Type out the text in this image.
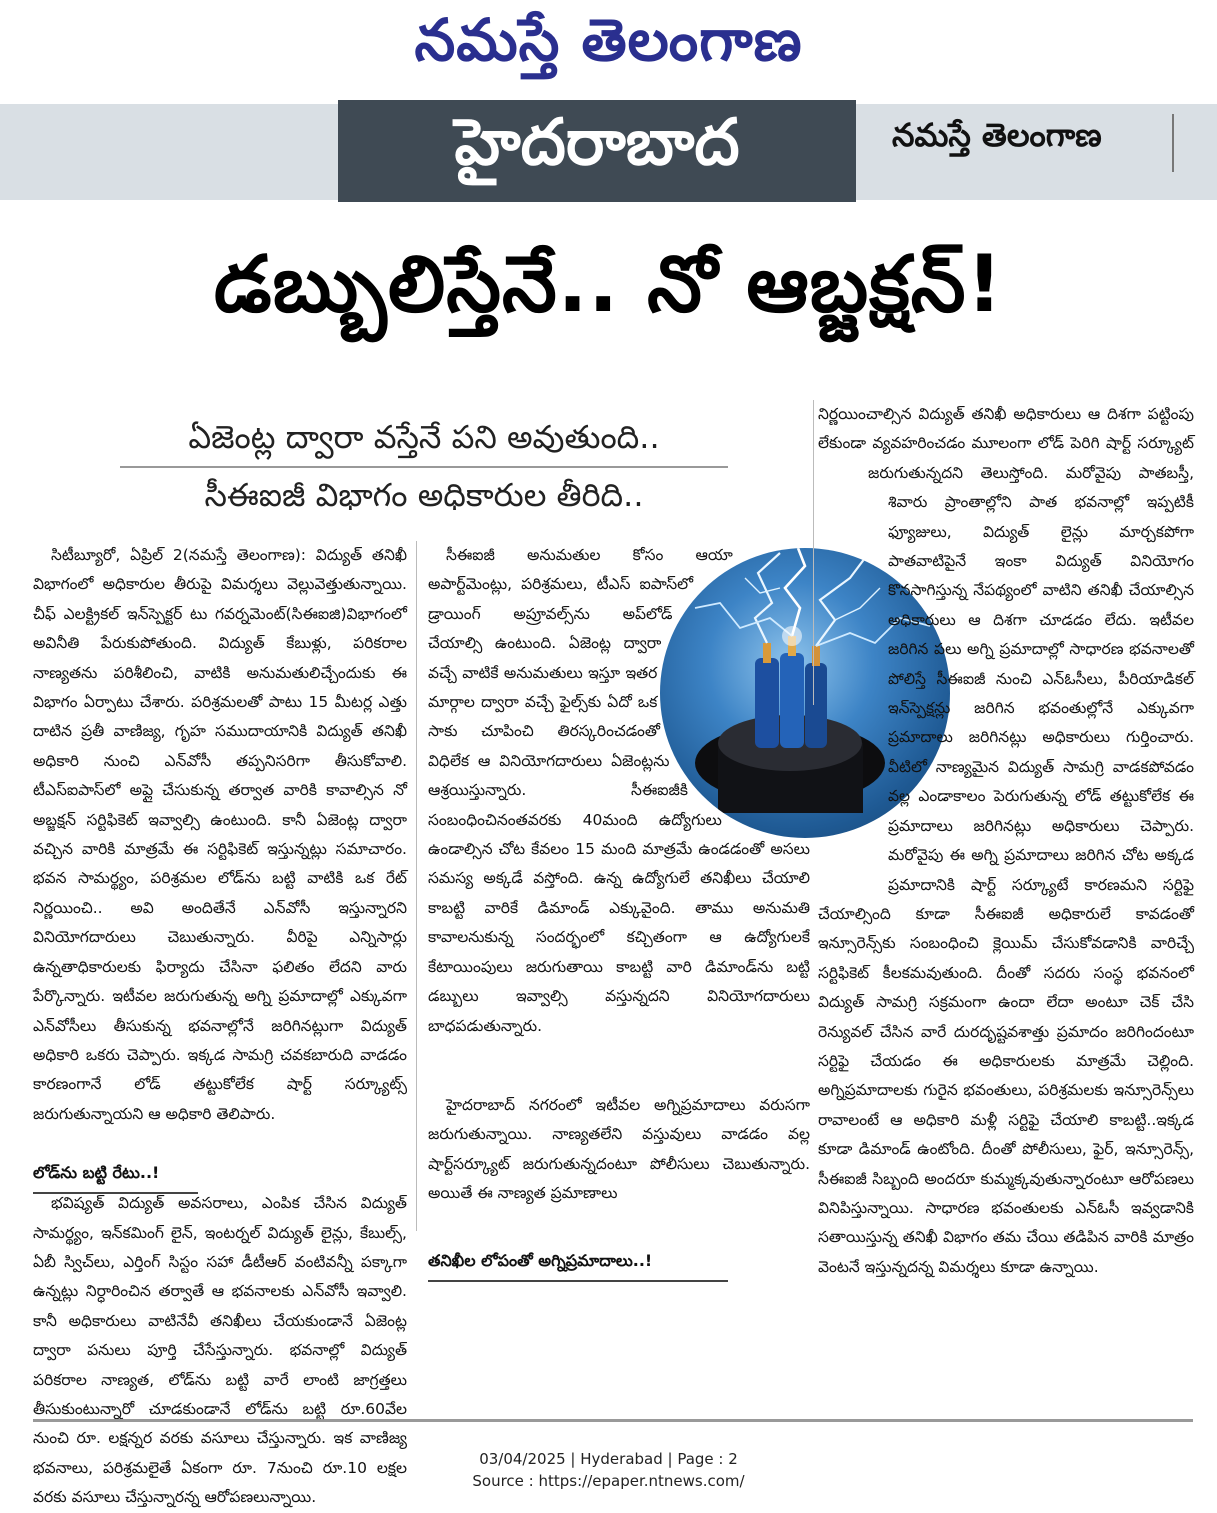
నమస్తే తెలంగాణ
హైదరాబాద	నమస్తే తెలంగాణ
డబ్బులిస్తేనే.. నో ఆబ్జక్షన్!
ఏజెంట్ల ద్వారా వస్తేనే పని అవుతుంది..
సీఈఐజీ విభాగం అధికారుల తీరిది..

సిటీబ్యూరో, ఏప్రిల్ 2(నమస్తే తెలంగాణ): విద్యుత్ తనిఖీ విభాగంలో అధికారుల తీరుపై విమర్శలు వెల్లువెత్తుతున్నాయి. చీఫ్ ఎలక్ట్రికల్ ఇన్‌స్పెక్టర్ టు గవర్నమెంట్(సిఈఐజి)విభాగంలో అవినీతి పేరుకుపోతుంది. విద్యుత్ కేబుళ్లు, పరికరాల నాణ్యతను పరిశీలించి, వాటికి అనుమతులిచ్చేందుకు ఈ విభాగం ఏర్పాటు చేశారు. పరిశ్రమలతో పాటు 15 మీటర్ల ఎత్తు దాటిన ప్రతీ వాణిజ్య, గృహ సముదాయానికి విద్యుత్ తనిఖీ అధికారి నుంచి ఎన్‌వోసీ తప్పనిసరిగా తీసుకోవాలి. టీఎస్‌ఐపాస్‌లో అప్లై చేసుకున్న తర్వాత వారికి కావాల్సిన నో అబ్జక్షన్ సర్టిఫికెట్ ఇవ్వాల్సి ఉంటుంది. కానీ ఏజెంట్ల ద్వారా వచ్చిన వారికి మాత్రమే ఈ సర్టిఫికెట్ ఇస్తున్నట్లు సమాచారం. భవన సామర్థ్యం, పరిశ్రమల లోడ్‌ను బట్టి వాటికి ఒక రేట్ నిర్ణయించి.. అవి అందితేనే ఎన్‌వోసీ ఇస్తున్నారని వినియోగదారులు చెబుతున్నారు. వీరిపై ఎన్నిసార్లు ఉన్నతాధికారులకు ఫిర్యాదు చేసినా ఫలితం లేదని వారు పేర్కొన్నారు. ఇటీవల జరుగుతున్న అగ్ని ప్రమాదాల్లో ఎక్కువగా ఎన్‌వోసీలు తీసుకున్న భవనాల్లోనే జరిగినట్లుగా విద్యుత్ అధికారి ఒకరు చెప్పారు. ఇక్కడ సామగ్రి చవకబారుది వాడడం కారణంగానే లోడ్ తట్టుకోలేక షార్ట్ సర్క్యూట్స్ జరుగుతున్నాయని ఆ అధికారి తెలిపారు.

భవిష్యత్ విద్యుత్ అవసరాలు, ఎంపిక చేసిన విద్యుత్ సామర్థ్యం, ఇన్‌కమింగ్ లైన్, ఇంటర్నల్ విద్యుత్ లైన్లు, కేబుల్స్, ఏబీ స్విచ్‌లు, ఎర్తింగ్ సిస్టం సహా డీటీఆర్ వంటివన్నీ పక్కాగా ఉన్నట్లు నిర్ధారించిన తర్వాతే ఆ భవనాలకు ఎన్‌వోసీ ఇవ్వాలి. కానీ అధికారులు వాటినేవీ తనిఖీలు చేయకుండానే ఏజెంట్ల ద్వారా పనులు పూర్తి చేసేస్తున్నారు. భవనాల్లో విద్యుత్ పరికరాల నాణ్యత, లోడ్‌ను బట్టి వారే లాంటి జాగ్రత్తలు తీసుకుంటున్నారో చూడకుండానే లోడ్‌ను బట్టి రూ.60వేల నుంచి రూ. లక్షన్నర వరకు వసూలు చేస్తున్నారు. ఇక వాణిజ్య భవనాలు, పరిశ్రమలైతే ఏకంగా రూ. 7నుంచి రూ.10 లక్షల వరకు వసూలు చేస్తున్నారన్న ఆరోపణలున్నాయి.

లోడ్‌ను బట్టి రేటు..!

సీఈఐజీ అనుమతుల కోసం ఆయా అపార్ట్‌మెంట్లు, పరిశ్రమలు, టీఎస్ ఐపాస్‌లో డ్రాయింగ్ అప్రూవల్స్‌ను అప్‌లోడ్ చేయాల్సి ఉంటుంది. ఏజెంట్ల ద్వారా వచ్చే వాటికే అనుమతులు ఇస్తూ ఇతర మార్గాల ద్వారా వచ్చే ఫైల్స్‌కు ఏదో ఒక సాకు చూపించి తిరస్కరించడంతో విధిలేక ఆ వినియోగదారులు ఏజెంట్లను ఆశ్రయిస్తున్నారు. సీఈఐజీకి సంబంధించినంతవరకు 40మంది ఉద్యోగులు ఉండాల్సిన చోట కేవలం 15 మంది మాత్రమే ఉండడంతో అసలు సమస్య అక్కడే వస్తోంది. ఉన్న ఉద్యోగులే తనిఖీలు చేయాలి కాబట్టి వారికే డిమాండ్ ఎక్కువైంది. తాము అనుమతి కావాలనుకున్న సందర్భంలో కచ్చితంగా ఆ ఉద్యోగులకే కేటాయింపులు జరుగుతాయి కాబట్టి వారి డిమాండ్‌ను బట్టి డబ్బులు ఇవ్వాల్సి వస్తున్నదని వినియోగదారులు బాధపడుతున్నారు.

హైదరాబాద్ నగరంలో ఇటీవల అగ్నిప్రమాదాలు వరుసగా జరుగుతున్నాయి. నాణ్యతలేని వస్తువులు వాడడం వల్ల షార్ట్‌సర్క్యూట్ జరుగుతున్నదంటూ పోలీసులు చెబుతున్నారు. అయితే ఈ నాణ్యత ప్రమాణాలు

తనిఖీల లోపంతో అగ్నిప్రమాదాలు..!

నిర్ణయించాల్సిన విద్యుత్ తనిఖీ అధికారులు ఆ దిశగా పట్టింపు లేకుండా వ్యవహరించడం మూలంగా లోడ్ పెరిగి షార్ట్ సర్క్యూట్ జరుగుతున్నదని తెలుస్తోంది. మరోవైపు పాతబస్తీ, శివారు ప్రాంతాల్లోని పాత భవనాల్లో ఇప్పటికీ ఫ్యూజులు, విద్యుత్ లైన్లు మార్చకపోగా పాతవాటిపైనే ఇంకా విద్యుత్ వినియోగం కొనసాగిస్తున్న నేపథ్యంలో వాటిని తనిఖీ చేయాల్సిన అధికారులు ఆ దిశగా చూడడం లేదు. ఇటీవల జరిగిన పలు అగ్ని ప్రమాదాల్లో సాధారణ భవనాలతో పోలిస్తే సీఈఐజీ నుంచి ఎన్‌ఓసీలు, పీరియాడికల్ ఇన్‌స్పెక్షన్లు జరిగిన భవంతుల్లోనే ఎక్కువగా ప్రమాదాలు జరిగినట్లు అధికారులు గుర్తించారు. వీటిలో నాణ్యమైన విద్యుత్ సామగ్రి వాడకపోవడం వల్ల ఎండాకాలం పెరుగుతున్న లోడ్ తట్టుకోలేక ఈ ప్రమాదాలు జరిగినట్లు అధికారులు చెప్పారు. మరోవైపు ఈ అగ్ని ప్రమాదాలు జరిగిన చోట అక్కడ ప్రమాదానికి షార్ట్ సర్క్యూటే కారణమని సర్టిఫై చేయాల్సింది కూడా సీఈఐజీ అధికారులే కావడంతో ఇన్సూరెన్స్‌కు సంబంధించి క్లెయిమ్ చేసుకోవడానికి వారిచ్చే సర్టిఫికెట్ కీలకమవుతుంది. దీంతో సదరు సంస్థ భవనంలో విద్యుత్ సామగ్రి సక్రమంగా ఉందా లేదా అంటూ చెక్ చేసి రెన్యువల్ చేసిన వారే దురదృష్టవశాత్తు ప్రమాదం జరిగిందంటూ సర్టిఫై చేయడం ఈ అధికారులకు మాత్రమే చెల్లింది. అగ్నిప్రమాదాలకు గురైన భవంతులు, పరిశ్రమలకు ఇన్సూరెన్స్‌లు రావాలంటే ఆ అధికారి మళ్లీ సర్టిఫై చేయాలి కాబట్టి..ఇక్కడ కూడా డిమాండ్ ఉంటోంది. దీంతో పోలీసులు, ఫైర్, ఇన్సూరెన్స్, సీఈఐజీ సిబ్బంది అందరూ కుమ్మక్కవుతున్నారంటూ ఆరోపణలు వినిపిస్తున్నాయి. సాధారణ భవంతులకు ఎన్‌ఓసీ ఇవ్వడానికి సతాయిస్తున్న తనిఖీ విభాగం తమ చేయి తడిపిన వారికి మాత్రం వెంటనే ఇస్తున్నదన్న విమర్శలు కూడా ఉన్నాయి.

03/04/2025 | Hyderabad | Page : 2
Source : https://epaper.ntnews.com/
